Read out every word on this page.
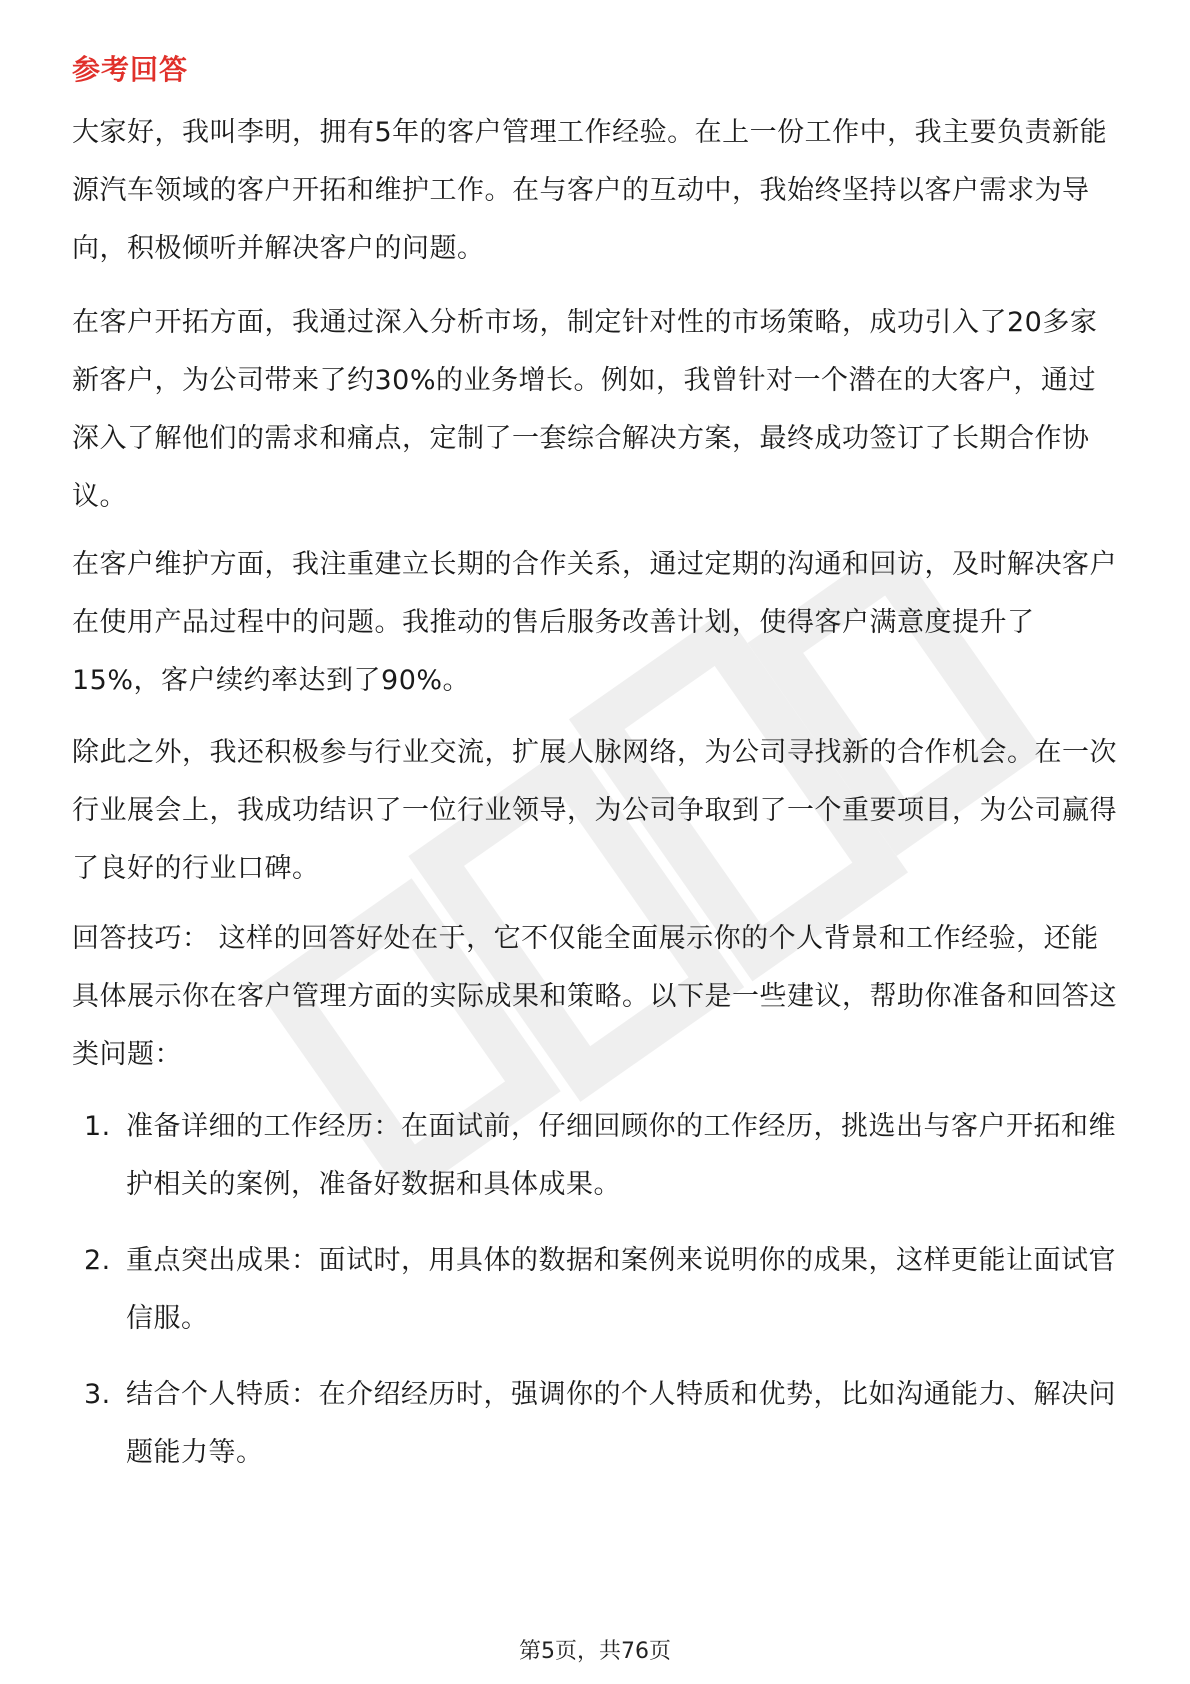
参考回答

大家好，我叫李明，拥有5年的客户管理工作经验。在上一份工作中，我主要负责新能源汽车领域的客户开拓和维护工作。在与客户的互动中，我始终坚持以客户需求为导向，积极倾听并解决客户的问题。

在客户开拓方面，我通过深入分析市场，制定针对性的市场策略，成功引入了20多家新客户，为公司带来了约30%的业务增长。例如，我曾针对一个潜在的大客户，通过深入了解他们的需求和痛点，定制了一套综合解决方案，最终成功签订了长期合作协议。

在客户维护方面，我注重建立长期的合作关系，通过定期的沟通和回访，及时解决客户在使用产品过程中的问题。我推动的售后服务改善计划，使得客户满意度提升了15%，客户续约率达到了90%。

除此之外，我还积极参与行业交流，扩展人脉网络，为公司寻找新的合作机会。在一次行业展会上，我成功结识了一位行业领导，为公司争取到了一个重要项目，为公司赢得了良好的行业口碑。

回答技巧： 这样的回答好处在于，它不仅能全面展示你的个人背景和工作经验，还能具体展示你在客户管理方面的实际成果和策略。以下是一些建议，帮助你准备和回答这类问题：

1. 准备详细的工作经历：在面试前，仔细回顾你的工作经历，挑选出与客户开拓和维护相关的案例，准备好数据和具体成果。
2. 重点突出成果：面试时，用具体的数据和案例来说明你的成果，这样更能让面试官信服。
3. 结合个人特质：在介绍经历时，强调你的个人特质和优势，比如沟通能力、解决问题能力等。
第5页，共76页
